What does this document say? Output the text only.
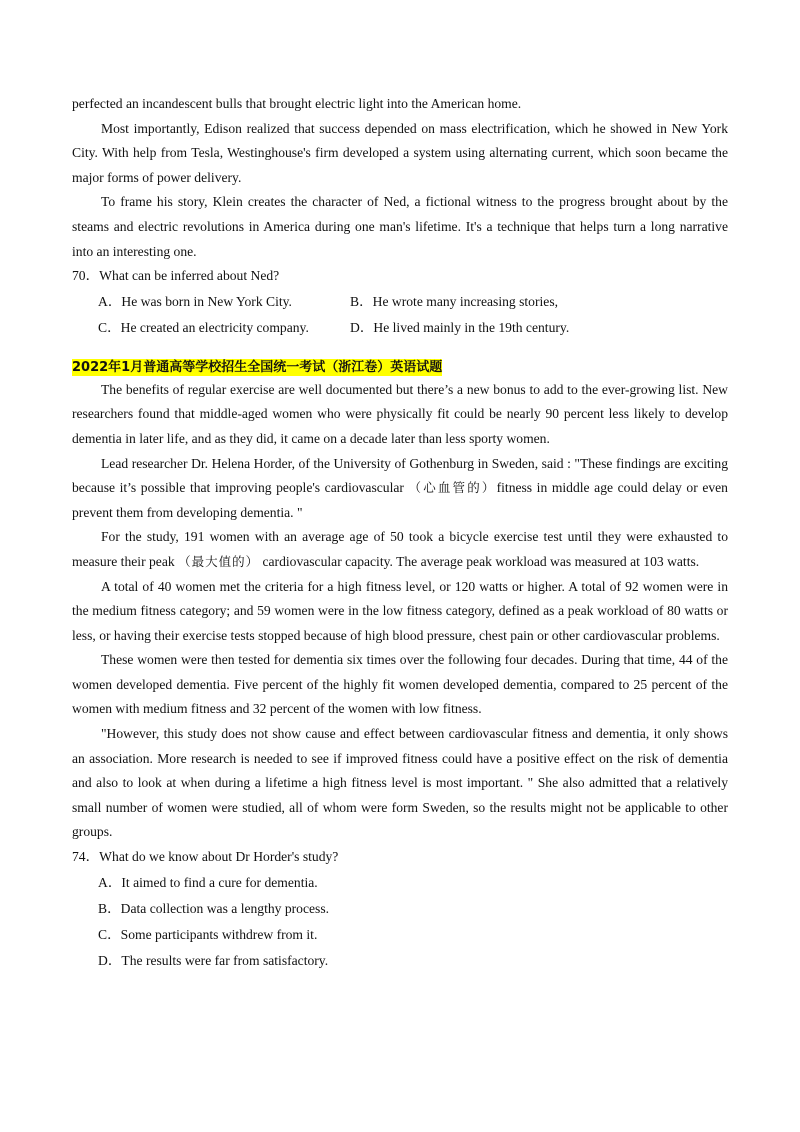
perfected an incandescent bulls that brought electric light into the American home.

Most importantly, Edison realized that success depended on mass electrification, which he showed in New York City. With help from Tesla, Westinghouse's firm developed a system using alternating current, which soon became the major forms of power delivery.

To frame his story, Klein creates the character of Ned, a fictional witness to the progress brought about by the steams and electric revolutions in America during one man's lifetime. It's a technique that helps turn a long narrative into an interesting one.

70．What can be inferred about Ned?

A．He was born in New York City.	B．He wrote many increasing stories,
C．He created an electricity company.	D．He lived mainly in the 19th century.
2022年1月普通高等学校招生全国统一考试（浙江卷）英语试题

The benefits of regular exercise are well documented but there’s a new bonus to add to the ever-growing list. New researchers found that middle-aged women who were physically fit could be nearly 90 percent less likely to develop dementia in later life, and as they did, it came on a decade later than less sporty women.

Lead researcher Dr. Helena Horder, of the University of Gothenburg in Sweden, said : "These findings are exciting because it’s possible that improving people's cardiovascular （心血管的）fitness in middle age could delay or even prevent them from developing dementia. "

For the study, 191 women with an average age of 50 took a bicycle exercise test until they were exhausted to measure their peak （最大值的） cardiovascular capacity. The average peak workload was measured at 103 watts.

A total of 40 women met the criteria for a high fitness level, or 120 watts or higher. A total of 92 women were in the medium fitness category; and 59 women were in the low fitness category, defined as a peak workload of 80 watts or less, or having their exercise tests stopped because of high blood pressure, chest pain or other cardiovascular problems.

These women were then tested for dementia six times over the following four decades. During that time, 44 of the women developed dementia. Five percent of the highly fit women developed dementia, compared to 25 percent of the women with medium fitness and 32 percent of the women with low fitness.

"However, this study does not show cause and effect between cardiovascular fitness and dementia, it only shows an association. More research is needed to see if improved fitness could have a positive effect on the risk of dementia and also to look at when during a lifetime a high fitness level is most important. " She also admitted that a relatively small number of women were studied, all of whom were form Sweden, so the results might not be applicable to other groups.

74．What do we know about Dr Horder's study?

A．It aimed to find a cure for dementia.
B．Data collection was a lengthy process.
C．Some participants withdrew from it.
D．The results were far from satisfactory.
